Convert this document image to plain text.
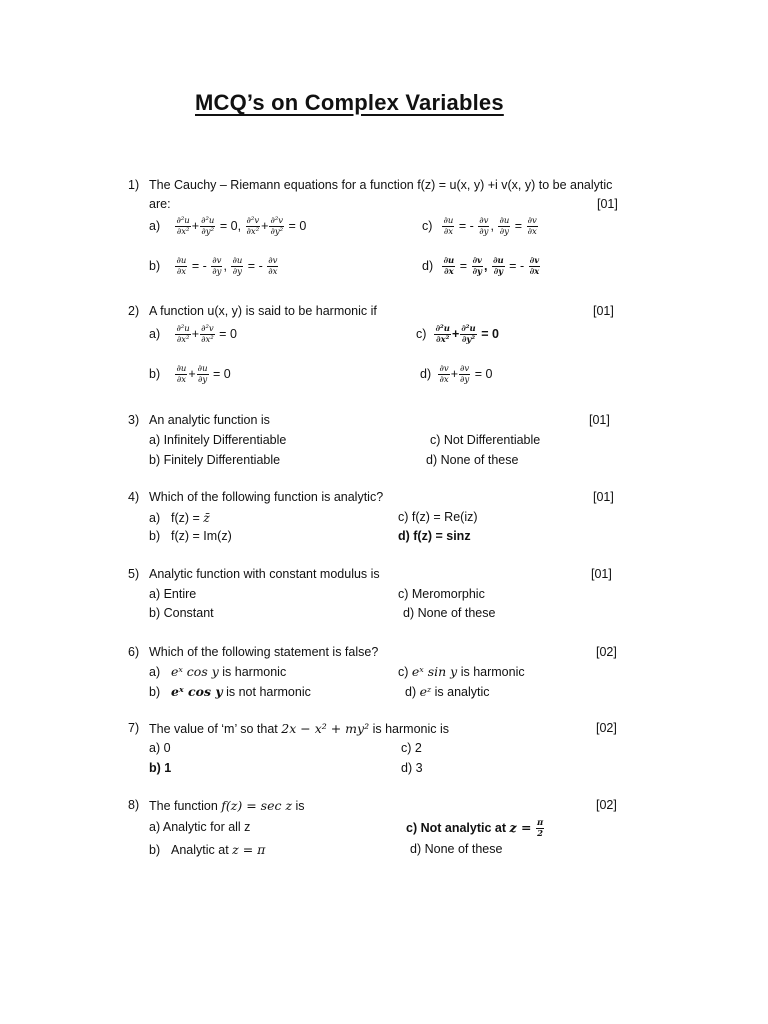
MCQ’s on Complex Variables
1) The Cauchy – Riemann equations for a function f(z) = u(x, y) +i v(x, y) to be analytic
are:	[01]
$a) \frac{\text{∂²u}}{\text{∂x²}} + \frac{\text{∂²u}}{\text{∂y²}} = 0$, $\frac{\text{∂²v}}{\text{∂x²}} + \frac{\text{∂²v}}{\text{∂y²}} = 0$	$c) \frac{\partial u}{\partial x}$ = - $\frac{\partial v}{\partial y}$ , $\frac{\partial u}{\partial y} = \frac{\partial v}{\partial x}$
$b) \frac{\partial u}{\partial x}$ = - $\frac{\partial v}{\partial y}$ , $\frac{\partial u}{\partial y}$ = - $\frac{\partial v}{\partial x}$	$d) \frac{\partial u}{\partial x} = \frac{\partial v}{\partial y}$ , $\frac{\partial u}{\partial y}$ = - $\frac{\partial v}{\partial x}$
2) A function u(x, y) is said to be harmonic if	[01]
$a) \frac{\text{∂²u}}{\text{∂x²}} + \frac{\text{∂²v}}{\text{∂x²}} = 0$	$c) \frac{\text{∂²u}}{\text{∂x²}} + \frac{\text{∂²u}}{\text{∂y²}} = 0$
$b) \frac{\partial u}{\partial x} + \frac{\partial u}{\partial y} = 0$	$d) \frac{\partial v}{\partial x} + \frac{\partial v}{\partial y} = 0$
3) An analytic function is	[01]
a) Infinitely Differentiable	c) Not Differentiable
b) Finitely Differentiable	d) None of these
4) Which of the following function is analytic?	[01]
a) f(z) = z̄	c) f(z) = Re(iz)
b) f(z) = Im(z)	d) f(z) = sinz
5) Analytic function with constant modulus is	[01]
a) Entire	c) Meromorphic
b) Constant	d) None of these
6) Which of the following statement is false?	[02]
a) eˣ cos y is harmonic	c) eˣ sin y is harmonic
b) eˣ cos y is not harmonic	d) eᶻ is analytic
7) The value of ‘m’ so that 2x − x² + my² is harmonic is	[02]
a) 0	c) 2
b) 1	d) 3
8) The function f(z) = sec z is	[02]
a) Analytic for all z	c) Not analytic at $z = \frac{\pi}{2}$
b) Analytic at z = π	d) None of these
